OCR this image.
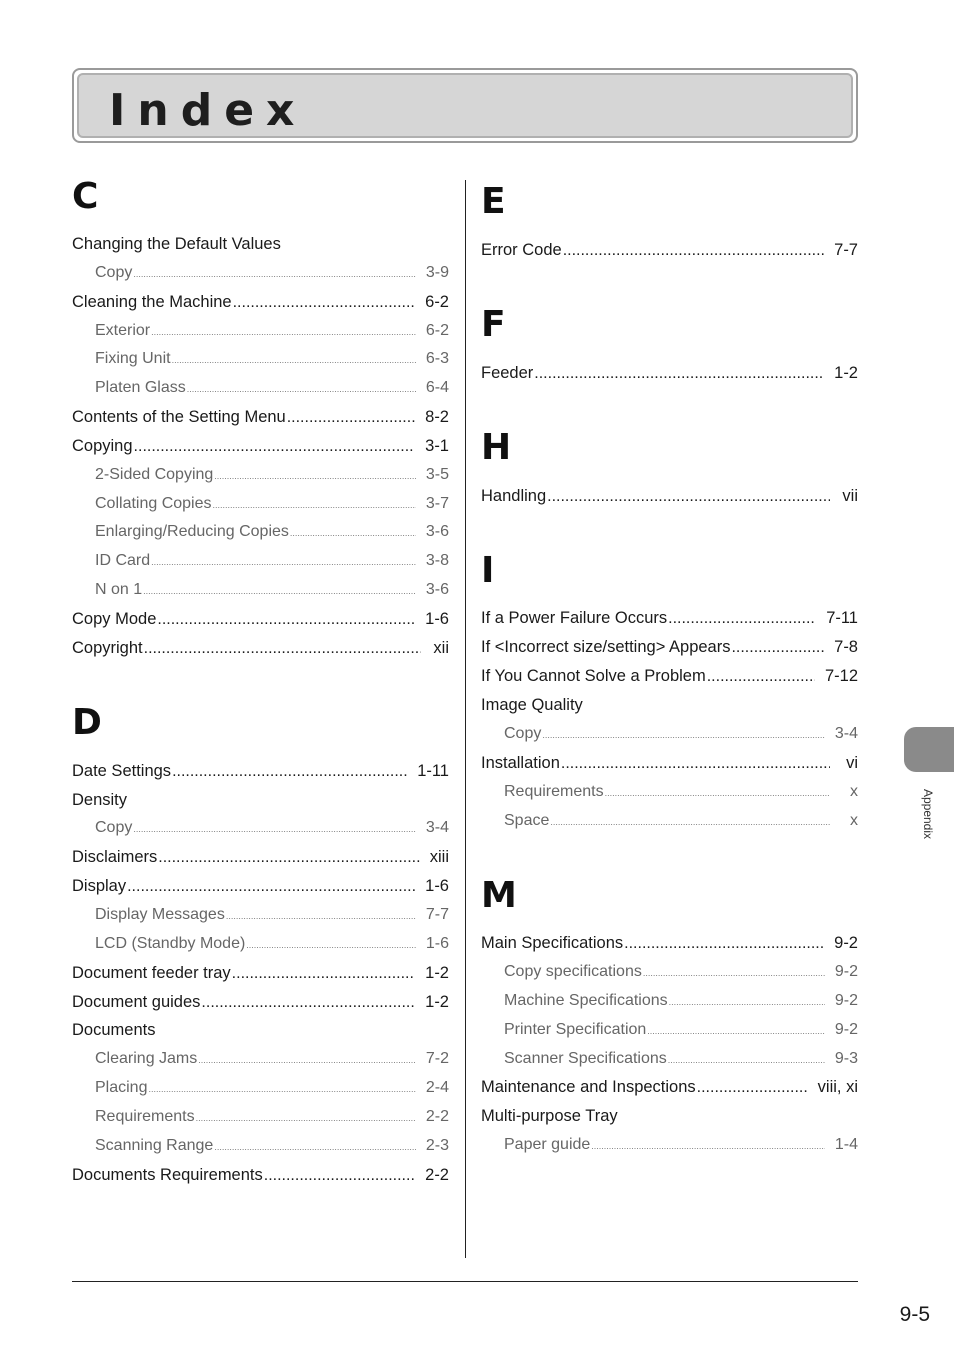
Index
C
Changing the Default Values
Copy .....	3-9
Cleaning the Machine .....	6-2
Exterior .....	6-2
Fixing Unit .....	6-3
Platen Glass .....	6-4
Contents of the Setting Menu .....	8-2
Copying .....	3-1
2-Sided Copying .....	3-5
Collating Copies .....	3-7
Enlarging/Reducing Copies .....	3-6
ID Card .....	3-8
N on 1 .....	3-6
Copy Mode .....	1-6
Copyright .....	xii
D
Date Settings .....	1-11
Density
Copy .....	3-4
Disclaimers .....	xiii
Display .....	1-6
Display Messages .....	7-7
LCD (Standby Mode) .....	1-6
Document feeder tray .....	1-2
Document guides .....	1-2
Documents
Clearing Jams .....	7-2
Placing .....	2-4
Requirements .....	2-2
Scanning Range .....	2-3
Documents Requirements .....	2-2
E
Error Code .....	7-7
F
Feeder .....	1-2
H
Handling .....	vii
I
If a Power Failure Occurs .....	7-11
If <Incorrect size/setting> Appears .....	7-8
If You Cannot Solve a Problem .....	7-12
Image Quality
Copy .....	3-4
Installation .....	vi
Requirements .....	x
Space .....	x
M
Main Specifications .....	9-2
Copy specifications .....	9-2
Machine Specifications .....	9-2
Printer Specification .....	9-2
Scanner Specifications .....	9-3
Maintenance and Inspections .....	viii, xi
Multi-purpose Tray
Paper guide .....	1-4
Appendix
9-5
